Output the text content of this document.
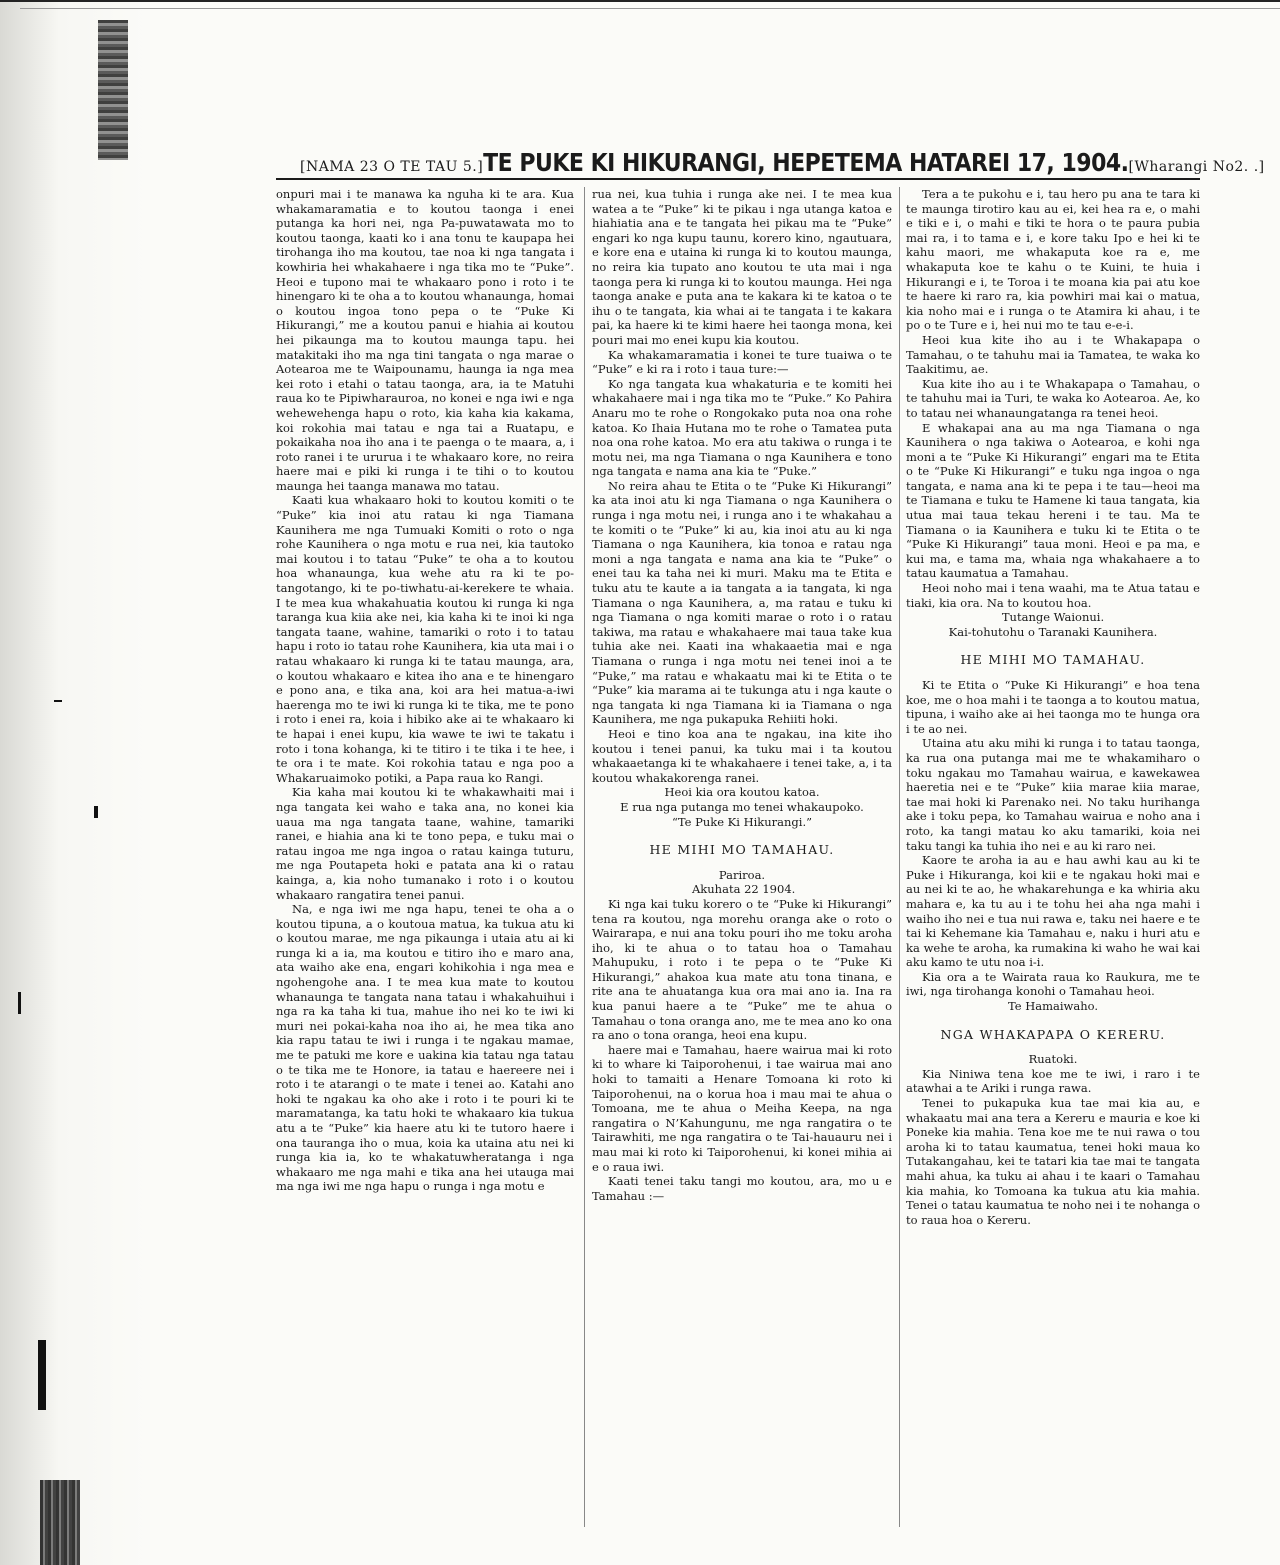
[NAMA 23 O TE TAU 5.] TE PUKE KI HIKURANGI, HEPETEMA HATAREI 17, 1904. [Wharangi No2. .]

onpuri mai i te manawa ka nguha ki te ara. Kua whakamaramatia e to koutou taonga i enei putanga ka hori nei, nga Pa-puwatawata mo to koutou taonga, kaati ko i ana tonu te kaupapa hei tirohanga iho ma koutou, tae noa ki nga tangata i kowhiria hei whakahaere i nga tika mo te “Puke”. Heoi e tupono mai te whakaaro pono i roto i te hinengaro ki te oha a to koutou whanaunga, homai o koutou ingoa tono pepa o te “Puke Ki Hikurangi,” me a koutou panui e hiahia ai koutou hei pikaunga ma to koutou maunga tapu. hei matakitaki iho ma nga tini tangata o nga marae o Aotearoa me te Waipounamu, haunga ia nga mea kei roto i etahi o tatau taonga, ara, ia te Matuhi raua ko te Pipiwharauroa, no konei e nga iwi e nga wehewehenga hapu o roto, kia kaha kia kakama, koi rokohia mai tatau e nga tai a Ruatapu, e pokaikaha noa iho ana i te paenga o te maara, a, i roto ranei i te ururua i te whakaaro kore, no reira haere mai e piki ki runga i te tihi o to koutou maunga hei taanga manawa mo tatau.

Kaati kua whakaaro hoki to koutou komiti o te “Puke” kia inoi atu ratau ki nga Tiamana Kaunihera me nga Tumuaki Komiti o roto o nga rohe Kaunihera o nga motu e rua nei, kia tautoko mai koutou i to tatau “Puke” te oha a to koutou hoa whanaunga, kua wehe atu ra ki te po-tangotango, ki te po-tiwhatu-ai-kerekere te whaia. I te mea kua whakahuatia koutou ki runga ki nga taranga kua kiia ake nei, kia kaha ki te inoi ki nga tangata taane, wahine, tamariki o roto i to tatau hapu i roto io tatau rohe Kaunihera, kia uta mai i o ratau whakaaro ki runga ki te tatau maunga, ara, o koutou whakaaro e kitea iho ana e te hinengaro e pono ana, e tika ana, koi ara hei matua-a-iwi haerenga mo te iwi ki runga ki te tika, me te pono i roto i enei ra, koia i hibiko ake ai te whakaaro ki te hapai i enei kupu, kia wawe te iwi te takatu i roto i tona kohanga, ki te titiro i te tika i te hee, i te ora i te mate. Koi rokohia tatau e nga poo a Whakaruaimoko potiki, a Papa raua ko Rangi.

Kia kaha mai koutou ki te whakawhaiti mai i nga tangata kei waho e taka ana, no konei kia uaua ma nga tangata taane, wahine, tamariki ranei, e hiahia ana ki te tono pepa, e tuku mai o ratau ingoa me nga ingoa o ratau kainga tuturu, me nga Poutapeta hoki e patata ana ki o ratau kainga, a, kia noho tumanako i roto i o koutou whakaaro rangatira tenei panui.

Na, e nga iwi me nga hapu, tenei te oha a o koutou tipuna, a o koutoua matua, ka tukua atu ki o koutou marae, me nga pikaunga i utaia atu ai ki runga ki a ia, ma koutou e titiro iho e maro ana, ata waiho ake ena, engari kohikohia i nga mea e ngohengohe ana. I te mea kua mate to koutou whanaunga te tangata nana tatau i whakahuihui i nga ra ka taha ki tua, mahue iho nei ko te iwi ki muri nei pokai-kaha noa iho ai, he mea tika ano kia rapu tatau te iwi i runga i te ngakau mamae, me te patuki me kore e uakina kia tatau nga tatau o te tika me te Honore, ia tatau e haereere nei i roto i te atarangi o te mate i tenei ao. Katahi ano hoki te ngakau ka oho ake i roto i te pouri ki te maramatanga, ka tatu hoki te whakaaro kia tukua atu a te “Puke” kia haere atu ki te tutoro haere i ona tauranga iho o mua, koia ka utaina atu nei ki runga kia ia, ko te whakatuwheratanga i nga whakaaro me nga mahi e tika ana hei utauga mai ma nga iwi me nga hapu o runga i nga motu e

rua nei, kua tuhia i runga ake nei. I te mea kua watea a te “Puke” ki te pikau i nga utanga katoa e hiahiatia ana e te tangata hei pikau ma te “Puke” engari ko nga kupu taunu, korero kino, ngautuara, e kore ena e utaina ki runga ki to koutou maunga, no reira kia tupato ano koutou te uta mai i nga taonga pera ki runga ki to koutou maunga. Hei nga taonga anake e puta ana te kakara ki te katoa o te ihu o te tangata, kia whai ai te tangata i te kakara pai, ka haere ki te kimi haere hei taonga mona, kei pouri mai mo enei kupu kia koutou.

Ka whakamaramatia i konei te ture tuaiwa o te “Puke” e ki ra i roto i taua ture:—

Ko nga tangata kua whakaturia e te komiti hei whakahaere mai i nga tika mo te “Puke.” Ko Pahira Anaru mo te rohe o Rongokako puta noa ona rohe katoa. Ko Ihaia Hutana mo te rohe o Tamatea puta noa ona rohe katoa. Mo era atu takiwa o runga i te motu nei, ma nga Tiamana o nga Kaunihera e tono nga tangata e nama ana kia te “Puke.”

No reira ahau te Etita o te “Puke Ki Hikurangi” ka ata inoi atu ki nga Tiamana o nga Kaunihera o runga i nga motu nei, i runga ano i te whakahau a te komiti o te “Puke” ki au, kia inoi atu au ki nga Tiamana o nga Kaunihera, kia tonoa e ratau nga moni a nga tangata e nama ana kia te “Puke” o enei tau ka taha nei ki muri. Maku ma te Etita e tuku atu te kaute a ia tangata a ia tangata, ki nga Tiamana o nga Kaunihera, a, ma ratau e tuku ki nga Tiamana o nga komiti marae o roto i o ratau takiwa, ma ratau e whakahaere mai taua take kua tuhia ake nei. Kaati ina whakaaetia mai e nga Tiamana o runga i nga motu nei tenei inoi a te “Puke,” ma ratau e whakaatu mai ki te Etita o te “Puke” kia marama ai te tukunga atu i nga kaute o nga tangata ki nga Tiamana ki ia Tiamana o nga Kaunihera, me nga pukapuka Rehiiti hoki.

Heoi e tino koa ana te ngakau, ina kite iho koutou i tenei panui, ka tuku mai i ta koutou whakaaetanga ki te whakahaere i tenei take, a, i ta koutou whakakorenga ranei.

Heoi kia ora koutou katoa.

E rua nga putanga mo tenei whakaupoko.

“Te Puke Ki Hikurangi.”

HE MIHI MO TAMAHAU.

Pariroa.

Akuhata 22 1904.

Ki nga kai tuku korero o te “Puke ki Hikurangi” tena ra koutou, nga morehu oranga ake o roto o Wairarapa, e nui ana toku pouri iho me toku aroha iho, ki te ahua o to tatau hoa o Tamahau Mahupuku, i roto i te pepa o te “Puke Ki Hikurangi,” ahakoa kua mate atu tona tinana, e rite ana te ahuatanga kua ora mai ano ia. Ina ra kua panui haere a te “Puke” me te ahua o Tamahau o tona oranga ano, me te mea ano ko ona ra ano o tona oranga, heoi ena kupu.

haere mai e Tamahau, haere wairua mai ki roto ki to whare ki Taiporohenui, i tae wairua mai ano hoki to tamaiti a Henare Tomoana ki roto ki Taiporohenui, na o korua hoa i mau mai te ahua o Tomoana, me te ahua o Meiha Keepa, na nga rangatira o N’Kahungunu, me nga rangatira o te Tairawhiti, me nga rangatira o te Tai-hauauru nei i mau mai ki roto ki Taiporohenui, ki konei mihia ai e o raua iwi.

Kaati tenei taku tangi mo koutou, ara, mo u e Tamahau :—

Tera a te pukohu e i, tau hero pu ana te tara ki te maunga tirotiro kau au ei, kei hea ra e, o mahi e tiki e i, o mahi e tiki te hora o te paura pubia mai ra, i to tama e i, e kore taku Ipo e hei ki te kahu maori, me whakaputa koe ra e, me whakaputa koe te kahu o te Kuini, te huia i Hikurangi e i, te Toroa i te moana kia pai atu koe te haere ki raro ra, kia powhiri mai kai o matua, kia noho mai e i runga o te Atamira ki ahau, i te po o te Ture e i, hei nui mo te tau e-e-i.

Heoi kua kite iho au i te Whakapapa o Tamahau, o te tahuhu mai ia Tamatea, te waka ko Taakitimu, ae.

Kua kite iho au i te Whakapapa o Tamahau, o te tahuhu mai ia Turi, te waka ko Aotearoa. Ae, ko to tatau nei whanaungatanga ra tenei heoi.

E whakapai ana au ma nga Tiamana o nga Kaunihera o nga takiwa o Aotearoa, e kohi nga moni a te “Puke Ki Hikurangi” engari ma te Etita o te “Puke Ki Hikurangi” e tuku nga ingoa o nga tangata, e nama ana ki te pepa i te tau—heoi ma te Tiamana e tuku te Hamene ki taua tangata, kia utua mai taua tekau hereni i te tau. Ma te Tiamana o ia Kaunihera e tuku ki te Etita o te “Puke Ki Hikurangi” taua moni. Heoi e pa ma, e kui ma, e tama ma, whaia nga whakahaere a to tatau kaumatua a Tamahau.

Heoi noho mai i tena waahi, ma te Atua tatau e tiaki, kia ora. Na to koutou hoa.

Tutange Waionui.

Kai-tohutohu o Taranaki Kaunihera.

HE MIHI MO TAMAHAU.

Ki te Etita o “Puke Ki Hikurangi” e hoa tena koe, me o hoa mahi i te taonga a to koutou matua, tipuna, i waiho ake ai hei taonga mo te hunga ora i te ao nei.

Utaina atu aku mihi ki runga i to tatau taonga, ka rua ona putanga mai me te whakamiharo o toku ngakau mo Tamahau wairua, e kawekawea haeretia nei e te “Puke” kiia marae kiia marae, tae mai hoki ki Parenako nei. No taku hurihanga ake i toku pepa, ko Tamahau wairua e noho ana i roto, ka tangi matau ko aku tamariki, koia nei taku tangi ka tuhia iho nei e au ki raro nei.

Kaore te aroha ia au e hau awhi kau au ki te Puke i Hikuranga, koi kii e te ngakau hoki mai e au nei ki te ao, he whakarehunga e ka whiria aku mahara e, ka tu au i te tohu hei aha nga mahi i waiho iho nei e tua nui rawa e, taku nei haere e te tai ki Kehemane kia Tamahau e, naku i huri atu e ka wehe te aroha, ka rumakina ki waho he wai kai aku kamo te utu noa i-i.

Kia ora a te Wairata raua ko Raukura, me te iwi, nga tirohanga konohi o Tamahau heoi.

Te Hamaiwaho.

NGA WHAKAPAPA O KERERU.

Ruatoki.

Kia Niniwa tena koe me te iwi, i raro i te atawhai a te Ariki i runga rawa.

Tenei to pukapuka kua tae mai kia au, e whakaatu mai ana tera a Kereru e mauria e koe ki Poneke kia mahia. Tena koe me te nui rawa o tou aroha ki to tatau kaumatua, tenei hoki maua ko Tutakangahau, kei te tatari kia tae mai te tangata mahi ahua, ka tuku ai ahau i te kaari o Tamahau kia mahia, ko Tomoana ka tukua atu kia mahia. Tenei o tatau kaumatua te noho nei i te nohanga o to raua hoa o Kereru.
